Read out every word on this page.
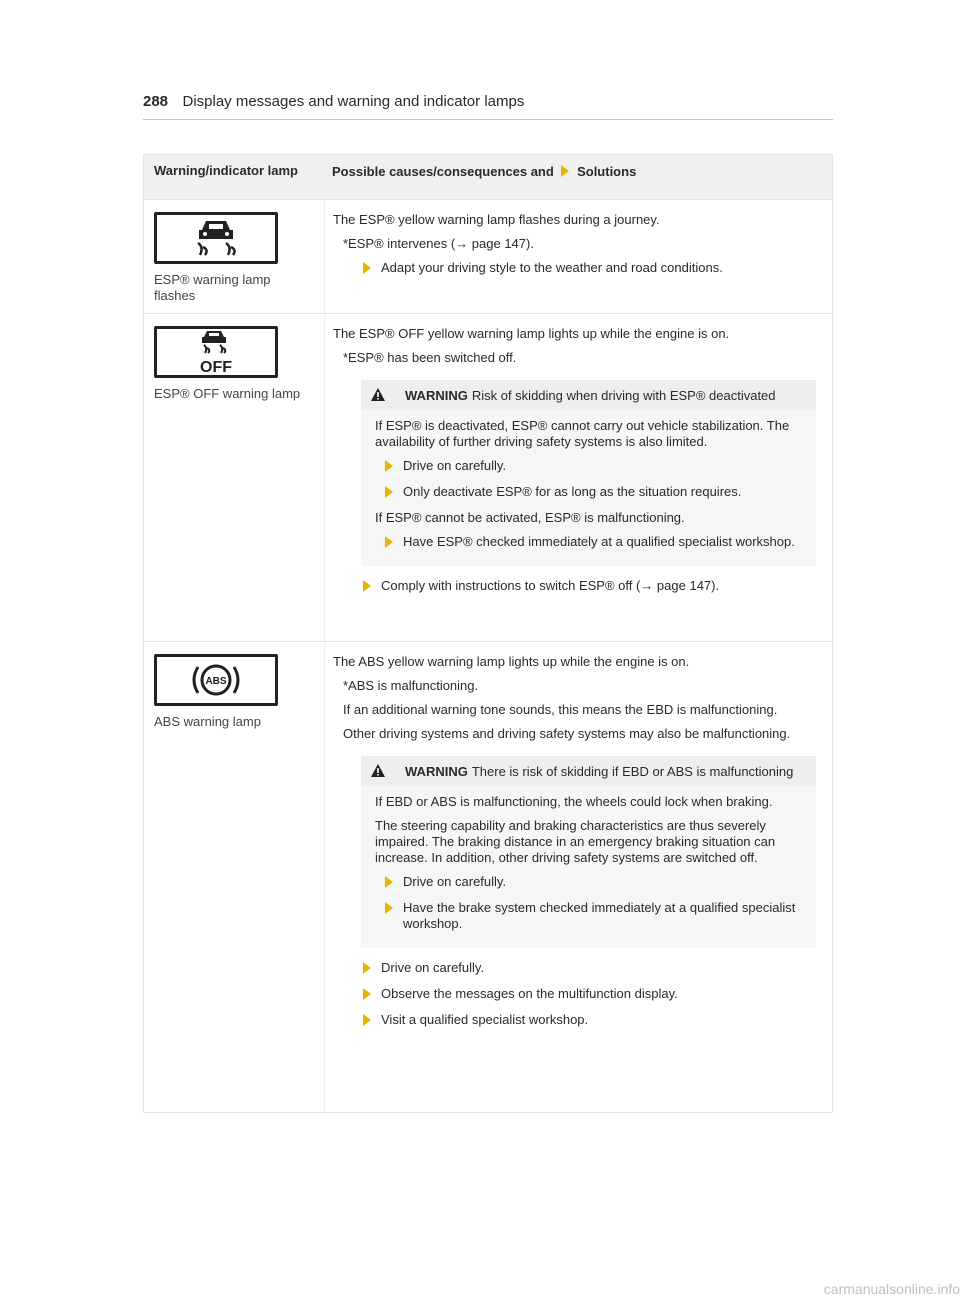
288 Display messages and warning and indicator lamps
Warning/indicator lamp	Possible causes/consequences and Solutions
ESP® warning lamp flashes

The ESP® yellow warning lamp flashes during a journey.

*ESP® intervenes (→ page 147).

Adapt your driving style to the weather and road conditions.
OFF
ESP® OFF warning lamp

The ESP® OFF yellow warning lamp lights up while the engine is on.

*ESP® has been switched off.

WARNING Risk of skidding when driving with ESP® deactivated

If ESP® is deactivated, ESP® cannot carry out vehicle stabilization. The availability of further driving safety systems is also limited.

Drive on carefully.
Only deactivate ESP® for as long as the situation requires.

If ESP® cannot be activated, ESP® is malfunctioning.

Have ESP® checked immediately at a qualified specialist workshop.
Comply with instructions to switch ESP® off (→ page 147).
ABS
ABS warning lamp

The ABS yellow warning lamp lights up while the engine is on.

*ABS is malfunctioning.

If an additional warning tone sounds, this means the EBD is malfunctioning.

Other driving systems and driving safety systems may also be malfunctioning.

WARNING There is risk of skidding if EBD or ABS is malfunctioning

If EBD or ABS is malfunctioning, the wheels could lock when braking.

The steering capability and braking characteristics are thus severely impaired. The braking distance in an emergency braking situation can increase. In addition, other driving safety systems are switched off.

Drive on carefully.
Have the brake system checked immediately at a qualified specialist workshop.
Drive on carefully.
Observe the messages on the multifunction display.
Visit a qualified specialist workshop.
carmanualsonline.info
